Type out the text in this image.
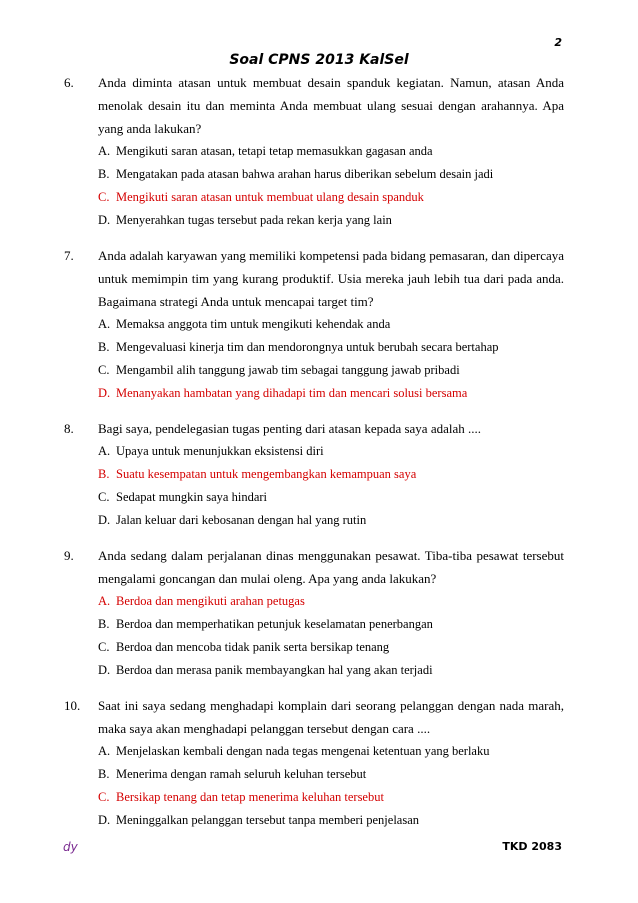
2
Soal CPNS 2013 KalSel
6.	Anda diminta atasan untuk membuat desain spanduk kegiatan. Namun, atasan Anda menolak desain itu dan meminta Anda membuat ulang sesuai dengan arahannya. Apa yang anda lakukan?
A. Mengikuti saran atasan, tetapi tetap memasukkan gagasan anda
B. Mengatakan pada atasan bahwa arahan harus diberikan sebelum desain jadi
C. Mengikuti saran atasan untuk membuat ulang desain spanduk
D. Menyerahkan tugas tersebut pada rekan kerja yang lain
7.	Anda adalah karyawan yang memiliki kompetensi pada bidang pemasaran, dan dipercaya untuk memimpin tim yang kurang produktif. Usia mereka jauh lebih tua dari pada anda. Bagaimana strategi Anda untuk mencapai target tim?
A. Memaksa anggota tim untuk mengikuti kehendak anda
B. Mengevaluasi kinerja tim dan mendorongnya untuk berubah secara bertahap
C. Mengambil alih tanggung jawab tim sebagai tanggung jawab pribadi
D. Menanyakan hambatan yang dihadapi tim dan mencari solusi bersama
8.	Bagi saya, pendelegasian tugas penting dari atasan kepada saya adalah ....
A. Upaya untuk menunjukkan eksistensi diri
B. Suatu kesempatan untuk mengembangkan kemampuan saya
C. Sedapat mungkin saya hindari
D. Jalan keluar dari kebosanan dengan hal yang rutin
9.	Anda sedang dalam perjalanan dinas menggunakan pesawat. Tiba-tiba pesawat tersebut mengalami goncangan dan mulai oleng. Apa yang anda lakukan?
A. Berdoa dan mengikuti arahan petugas
B. Berdoa dan memperhatikan petunjuk keselamatan penerbangan
C. Berdoa dan mencoba tidak panik serta bersikap tenang
D. Berdoa dan merasa panik membayangkan hal yang akan terjadi
10.	Saat ini saya sedang menghadapi komplain dari seorang pelanggan dengan nada marah, maka saya akan menghadapi pelanggan tersebut dengan cara ....
A. Menjelaskan kembali dengan nada tegas mengenai ketentuan yang berlaku
B. Menerima dengan ramah seluruh keluhan tersebut
C. Bersikap tenang dan tetap menerima keluhan tersebut
D. Meninggalkan pelanggan tersebut tanpa memberi penjelasan
dy	TKD 2083
